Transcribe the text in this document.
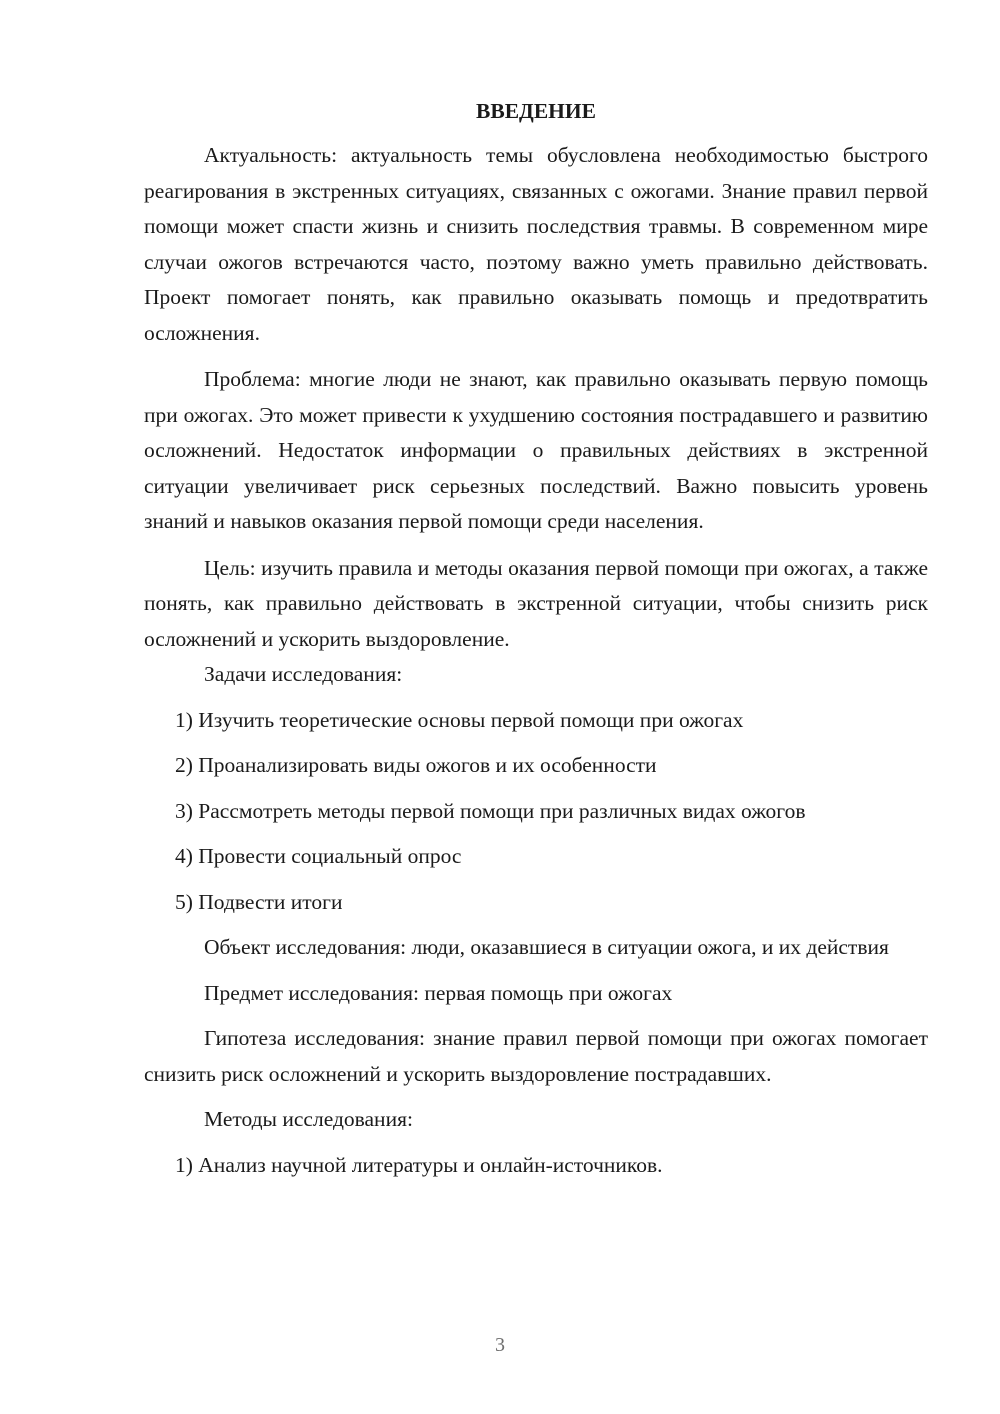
ВВЕДЕНИЕ

Актуальность: актуальность темы обусловлена необходимостью быстрого реагирования в экстренных ситуациях, связанных с ожогами. Знание правил первой помощи может спасти жизнь и снизить последствия травмы. В современном мире случаи ожогов встречаются часто, поэтому важно уметь правильно действовать. Проект помогает понять, как правильно оказывать помощь и предотвратить осложнения.

Проблема: многие люди не знают, как правильно оказывать первую помощь при ожогах. Это может привести к ухудшению состояния пострадавшего и развитию осложнений. Недостаток информации о правильных действиях в экстренной ситуации увеличивает риск серьезных последствий. Важно повысить уровень знаний и навыков оказания первой помощи среди населения.

Цель: изучить правила и методы оказания первой помощи при ожогах, а также понять, как правильно действовать в экстренной ситуации, чтобы снизить риск осложнений и ускорить выздоровление.

Задачи исследования:

1) Изучить теоретические основы первой помощи при ожогах

2) Проанализировать виды ожогов и их особенности

3) Рассмотреть методы первой помощи при различных видах ожогов

4) Провести социальный опрос

5) Подвести итоги

Объект исследования: люди, оказавшиеся в ситуации ожога, и их действия

Предмет исследования: первая помощь при ожогах

Гипотеза исследования: знание правил первой помощи при ожогах помогает снизить риск осложнений и ускорить выздоровление пострадавших.

Методы исследования:

1) Анализ научной литературы и онлайн-источников.

3
